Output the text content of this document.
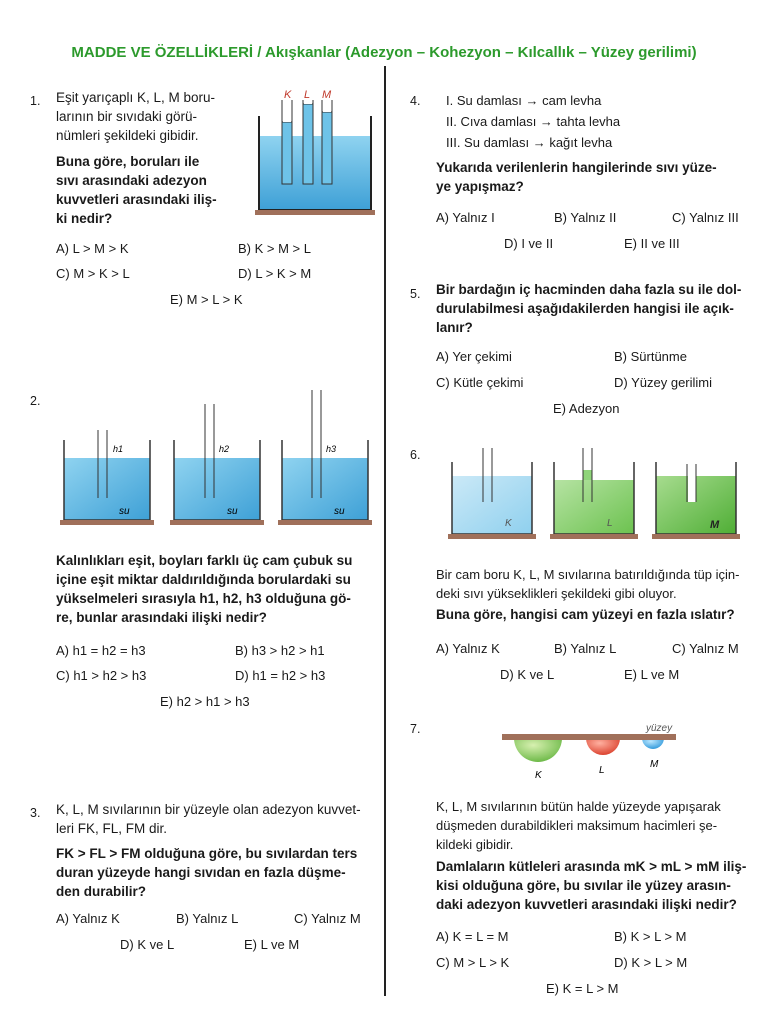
MADDE VE ÖZELLİKLERİ / Akışkanlar (Adezyon – Kohezyon – Kılcallık – Yüzey gerilimi)
1. Eşit yarıçaplı K, L, M boru-
larının bir sıvıdaki görü-
nümleri şekildeki gibidir.
Buna göre, boruları ile
sıvı arasındaki adezyon
kuvvetleri arasındaki iliş-
ki nedir?
K L M
A) L > M > K	B) K > M > L
C) M > K > L	D) L > K > M
E) M > L > K
2.
h1
su
h2
su
h3
su
Kalınlıkları eşit, boyları farklı üç cam çubuk su
içine eşit miktar daldırıldığında borulardaki su
yükselmeleri sırasıyla h1, h2, h3 olduğuna gö-
re, bunlar arasındaki ilişki nedir?
A) h1 = h2 = h3	B) h3 > h2 > h1
C) h1 > h2 > h3	D) h1 = h2 > h3
E) h2 > h1 > h3
3. K, L, M sıvılarının bir yüzeyle olan adezyon kuvvet-
leri FK, FL, FM dir.
FK > FL > FM olduğuna göre, bu sıvılardan ters
duran yüzeyde hangi sıvıdan en fazla düşme-
den durabilir?
A) Yalnız K	B) Yalnız L	C) Yalnız M
D) K ve L	E) L ve M
4. I. Su damlası → cam levha
II. Cıva damlası → tahta levha
III. Su damlası → kağıt levha
Yukarıda verilenlerin hangilerinde sıvı yüze-
ye yapışmaz?
A) Yalnız I	B) Yalnız II	C) Yalnız III
D) I ve II	E) II ve III
5. Bir bardağın iç hacminden daha fazla su ile dol-
durulabilmesi aşağıdakilerden hangisi ile açık-
lanır?
A) Yer çekimi	B) Sürtünme
C) Kütle çekimi	D) Yüzey gerilimi
E) Adezyon
6.
K	L	M
Bir cam boru K, L, M sıvılarına batırıldığında tüp için-
deki sıvı yükseklikleri şekildeki gibi oluyor.
Buna göre, hangisi cam yüzeyi en fazla ıslatır?
A) Yalnız K	B) Yalnız L	C) Yalnız M
D) K ve L	E) L ve M
7.	yüzey
K	L
M
K, L, M sıvılarının bütün halde yüzeyde yapışarak
düşmeden durabildikleri maksimum hacimleri şe-
kildeki gibidir.
Damlaların kütleleri arasında mK > mL > mM iliş-
kisi olduğuna göre, bu sıvılar ile yüzey arasın-
daki adezyon kuvvetleri arasındaki ilişki nedir?
A) K = L = M	B) K > L > M
C) M > L > K	D) K > L > M
E) K = L > M
